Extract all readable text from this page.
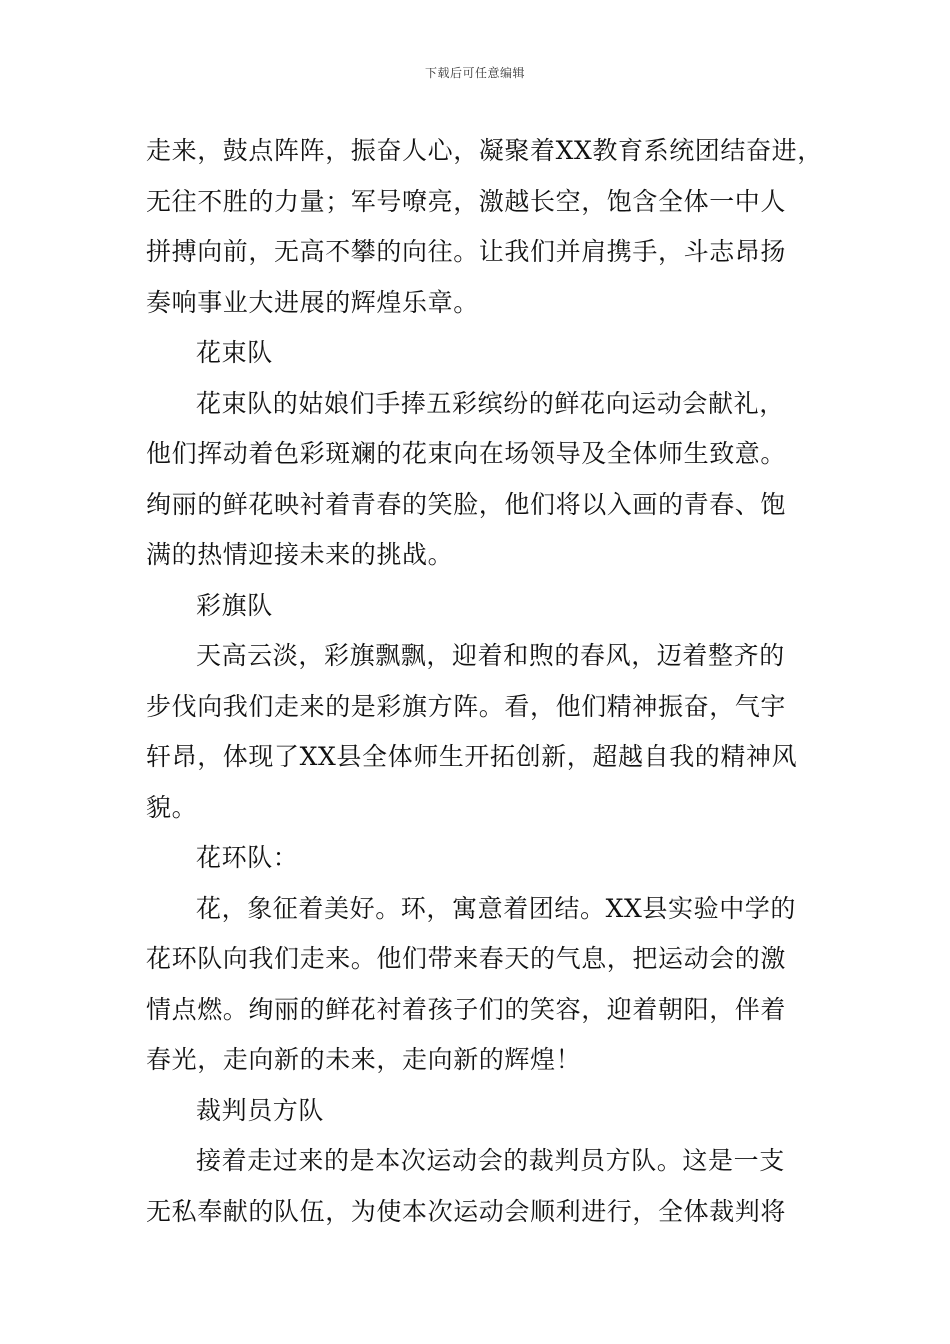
下载后可任意编辑
走来，鼓点阵阵，振奋人心，凝聚着XX教育系统团结奋进，
无往不胜的力量；军号嘹亮，激越长空，饱含全体一中人
拼搏向前，无高不攀的向往。让我们并肩携手，斗志昂扬
奏响事业大进展的辉煌乐章。
花束队
花束队的姑娘们手捧五彩缤纷的鲜花向运动会献礼，
他们挥动着色彩斑斓的花束向在场领导及全体师生致意。
绚丽的鲜花映衬着青春的笑脸，他们将以入画的青春、饱
满的热情迎接未来的挑战。
彩旗队
天高云淡，彩旗飘飘，迎着和煦的春风，迈着整齐的
步伐向我们走来的是彩旗方阵。看，他们精神振奋，气宇
轩昂，体现了XX县全体师生开拓创新，超越自我的精神风
貌。
花环队：
花，象征着美好。环，寓意着团结。XX县实验中学的
花环队向我们走来。他们带来春天的气息，把运动会的激
情点燃。绚丽的鲜花衬着孩子们的笑容，迎着朝阳，伴着
春光，走向新的未来，走向新的辉煌！
裁判员方队
接着走过来的是本次运动会的裁判员方队。这是一支
无私奉献的队伍，为使本次运动会顺利进行，全体裁判将
